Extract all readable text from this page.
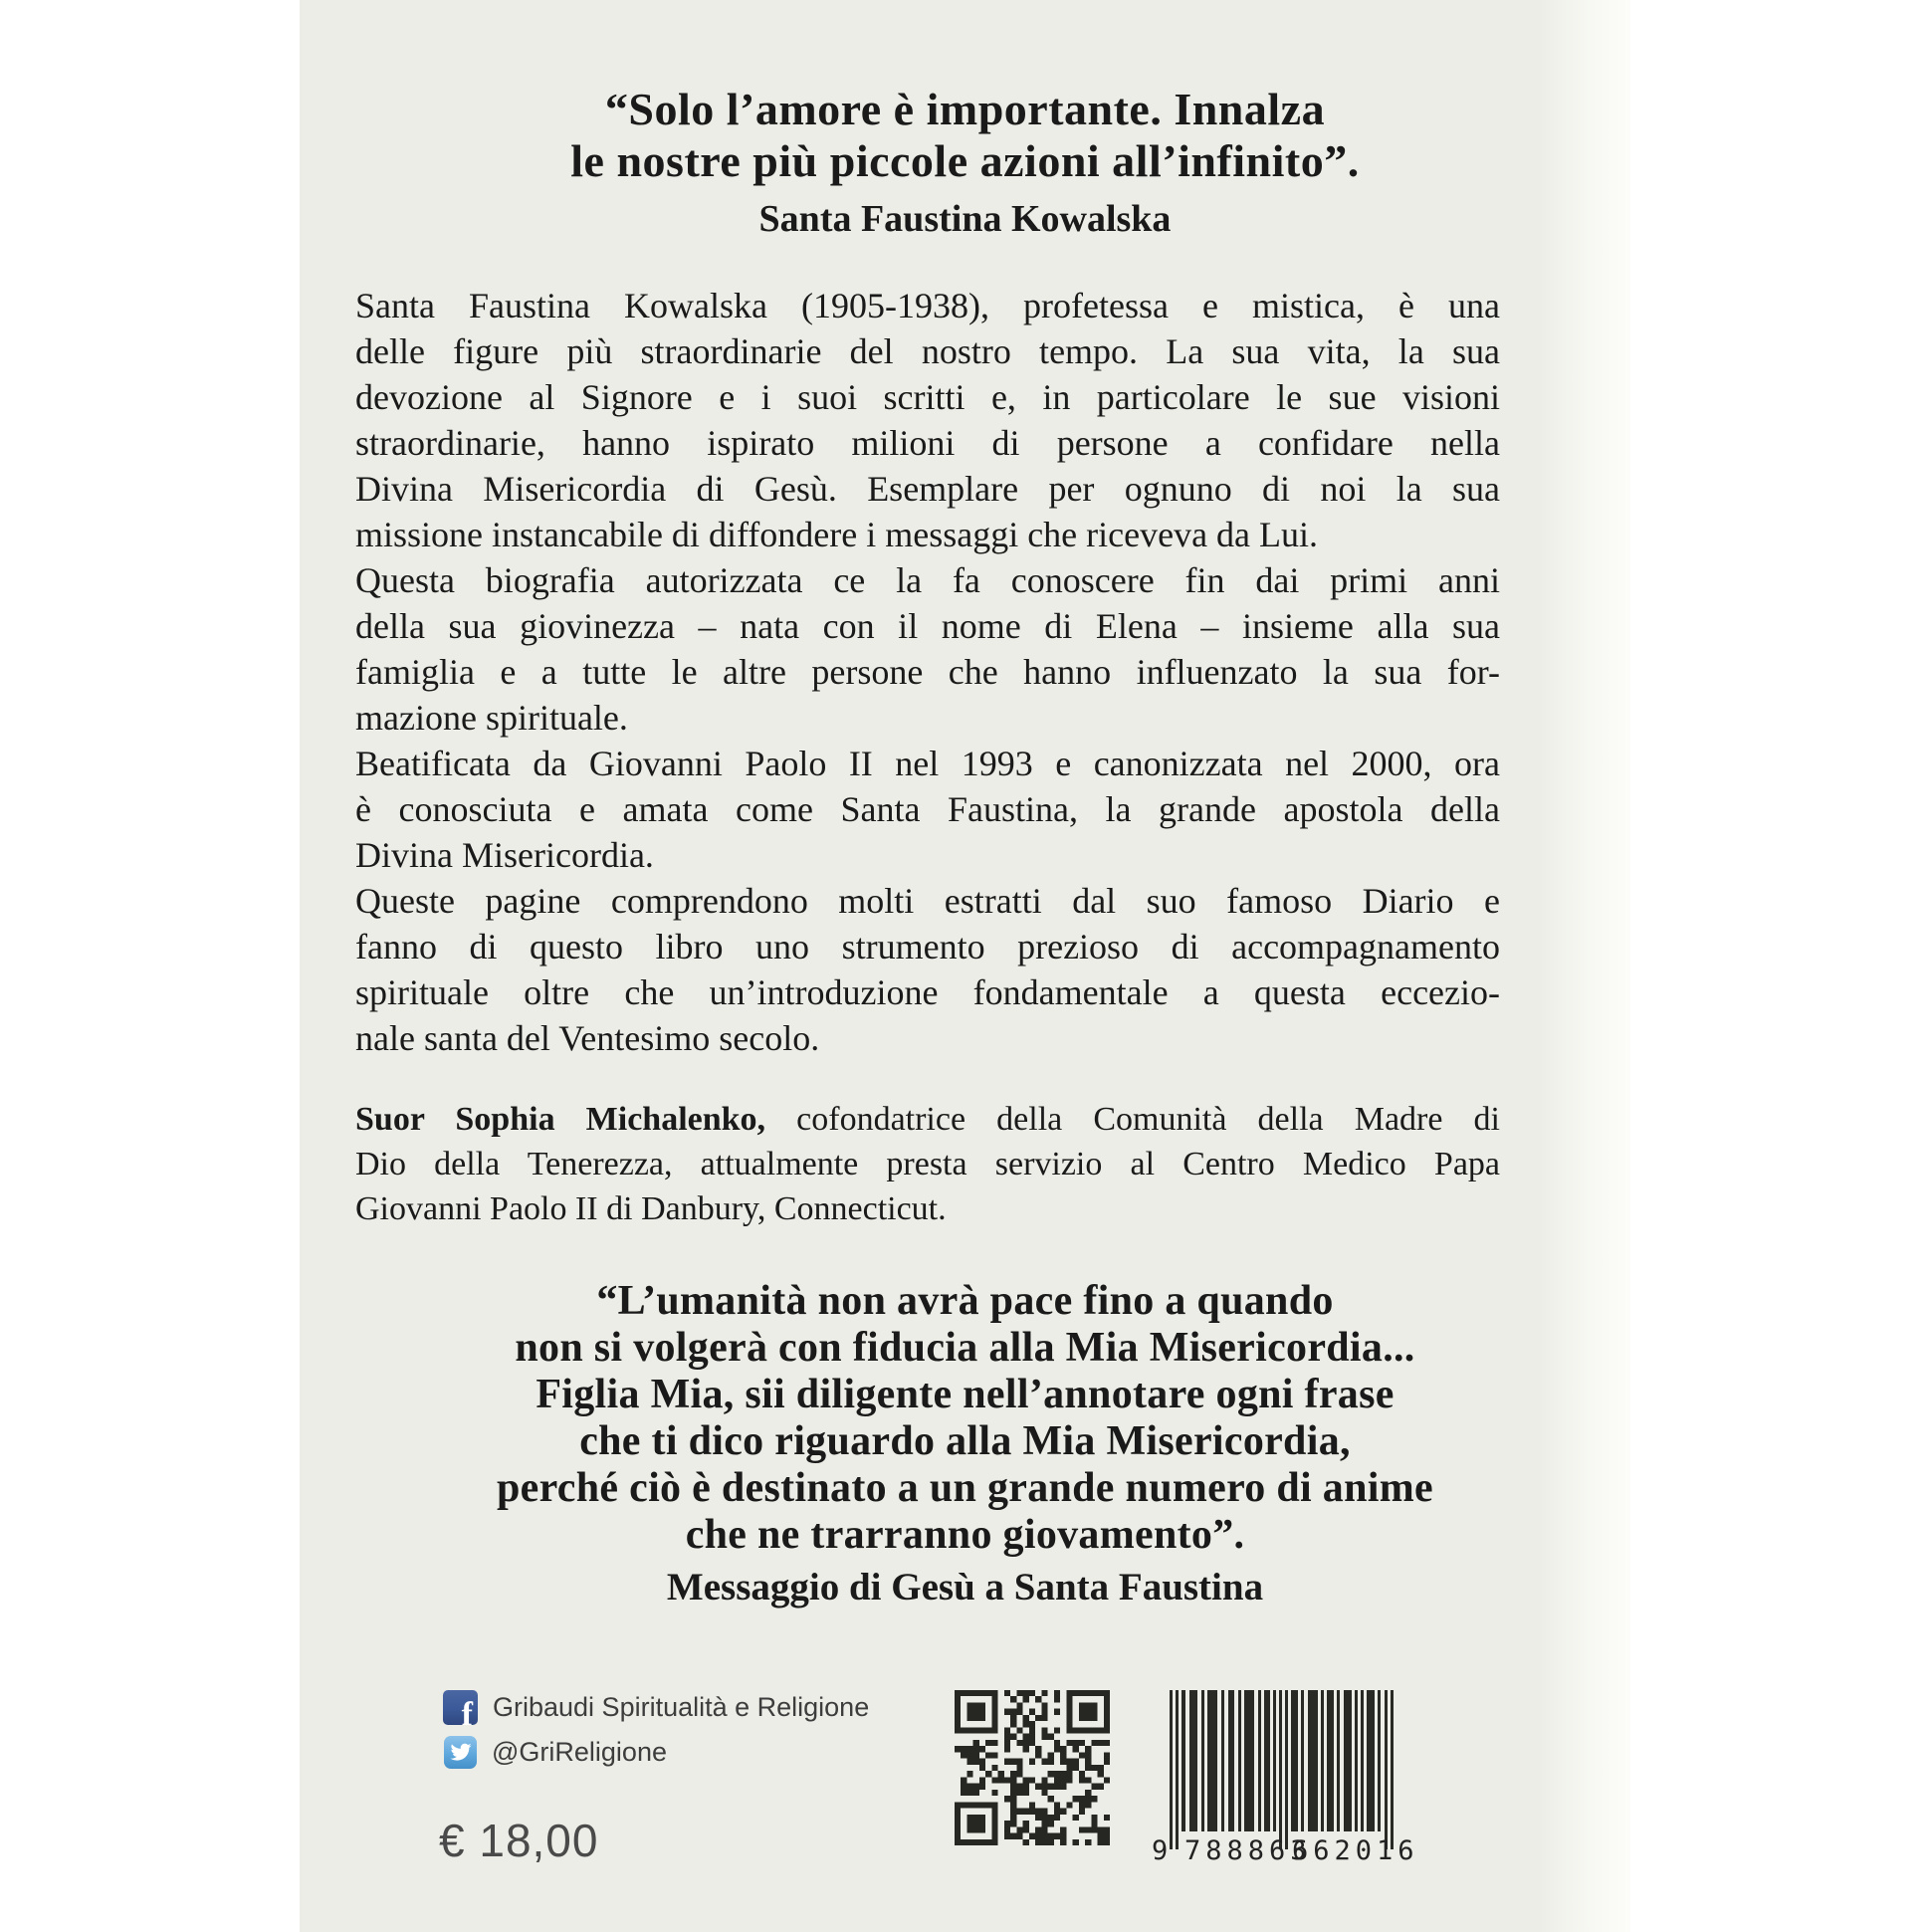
“Solo l’amore è importante. Innalza
le nostre più piccole azioni all’infinito”.
Santa Faustina Kowalska
Santa Faustina Kowalska (1905-1938), profetessa e mistica, è una
delle figure più straordinarie del nostro tempo. La sua vita, la sua
devozione al Signore e i suoi scritti e, in particolare le sue visioni
straordinarie, hanno ispirato milioni di persone a confidare nella
Divina Misericordia di Gesù. Esemplare per ognuno di noi la sua
missione instancabile di diffondere i messaggi che riceveva da Lui.
Questa biografia autorizzata ce la fa conoscere fin dai primi anni
della sua giovinezza – nata con il nome di Elena – insieme alla sua
famiglia e a tutte le altre persone che hanno influenzato la sua for-
mazione spirituale.
Beatificata da Giovanni Paolo II nel 1993 e canonizzata nel 2000, ora
è conosciuta e amata come Santa Faustina, la grande apostola della
Divina Misericordia.
Queste pagine comprendono molti estratti dal suo famoso Diario e
fanno di questo libro uno strumento prezioso di accompagnamento
spirituale oltre che un’introduzione fondamentale a questa eccezio-
nale santa del Ventesimo secolo.
Suor Sophia Michalenko, cofondatrice della Comunità della Madre di
Dio della Tenerezza, attualmente presta servizio al Centro Medico Papa
Giovanni Paolo II di Danbury, Connecticut.
“L’umanità non avrà pace fino a quando
non si volgerà con fiducia alla Mia Misericordia...
Figlia Mia, sii diligente nell’annotare ogni frase
che ti dico riguardo alla Mia Misericordia,
perché ciò è destinato a un grande numero di anime
che ne trarranno giovamento”.
Messaggio di Gesù a Santa Faustina
f Gribaudi Spiritualità e Religione
@GriReligione
€ 18,00	9 788863
662016
